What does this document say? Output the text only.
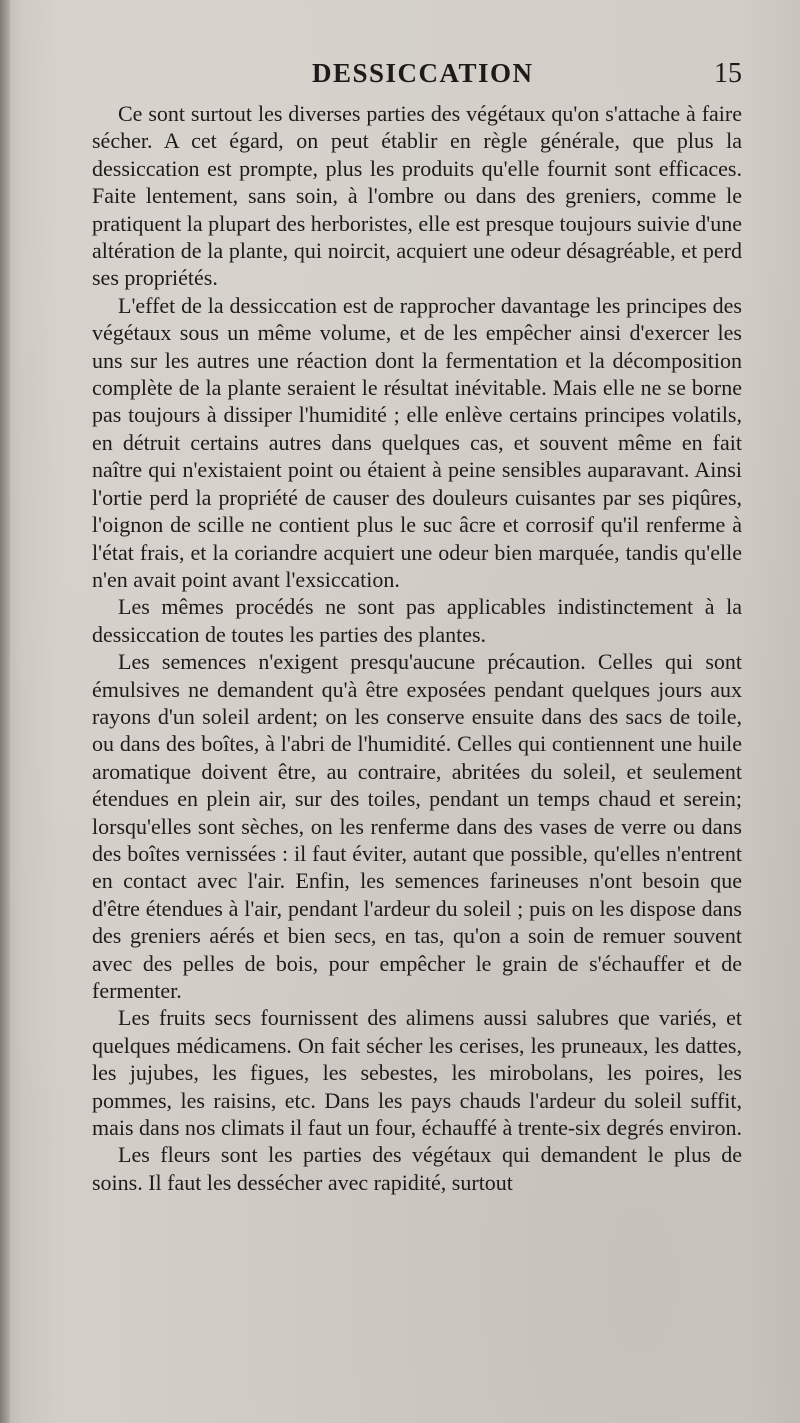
DESSICCATION	15

Ce sont surtout les diverses parties des végétaux qu'on s'attache à faire sécher. A cet égard, on peut établir en règle générale, que plus la dessiccation est prompte, plus les produits qu'elle fournit sont efficaces. Faite lentement, sans soin, à l'ombre ou dans des greniers, comme le pratiquent la plupart des herboristes, elle est presque toujours suivie d'une altération de la plante, qui noircit, acquiert une odeur désagréable, et perd ses propriétés.

L'effet de la dessiccation est de rapprocher davantage les principes des végétaux sous un même volume, et de les empêcher ainsi d'exercer les uns sur les autres une réaction dont la fermentation et la décomposition complète de la plante seraient le résultat inévitable. Mais elle ne se borne pas toujours à dissiper l'humidité ; elle enlève certains principes volatils, en détruit certains autres dans quelques cas, et souvent même en fait naître qui n'existaient point ou étaient à peine sensibles auparavant. Ainsi l'ortie perd la propriété de causer des douleurs cuisantes par ses piqûres, l'oignon de scille ne contient plus le suc âcre et corrosif qu'il renferme à l'état frais, et la coriandre acquiert une odeur bien marquée, tandis qu'elle n'en avait point avant l'exsiccation.

Les mêmes procédés ne sont pas applicables indistinctement à la dessiccation de toutes les parties des plantes.

Les semences n'exigent presqu'aucune précaution. Celles qui sont émulsives ne demandent qu'à être exposées pendant quelques jours aux rayons d'un soleil ardent; on les conserve ensuite dans des sacs de toile, ou dans des boîtes, à l'abri de l'humidité. Celles qui contiennent une huile aromatique doivent être, au contraire, abritées du soleil, et seulement étendues en plein air, sur des toiles, pendant un temps chaud et serein; lorsqu'elles sont sèches, on les renferme dans des vases de verre ou dans des boîtes vernissées : il faut éviter, autant que possible, qu'elles n'entrent en contact avec l'air. Enfin, les semences farineuses n'ont besoin que d'être étendues à l'air, pendant l'ardeur du soleil ; puis on les dispose dans des greniers aérés et bien secs, en tas, qu'on a soin de remuer souvent avec des pelles de bois, pour empêcher le grain de s'échauffer et de fermenter.

Les fruits secs fournissent des alimens aussi salubres que variés, et quelques médicamens. On fait sécher les cerises, les pruneaux, les dattes, les jujubes, les figues, les sebestes, les mirobolans, les poires, les pommes, les raisins, etc. Dans les pays chauds l'ardeur du soleil suffit, mais dans nos climats il faut un four, échauffé à trente-six degrés environ.

Les fleurs sont les parties des végétaux qui demandent le plus de soins. Il faut les dessécher avec rapidité, surtout
